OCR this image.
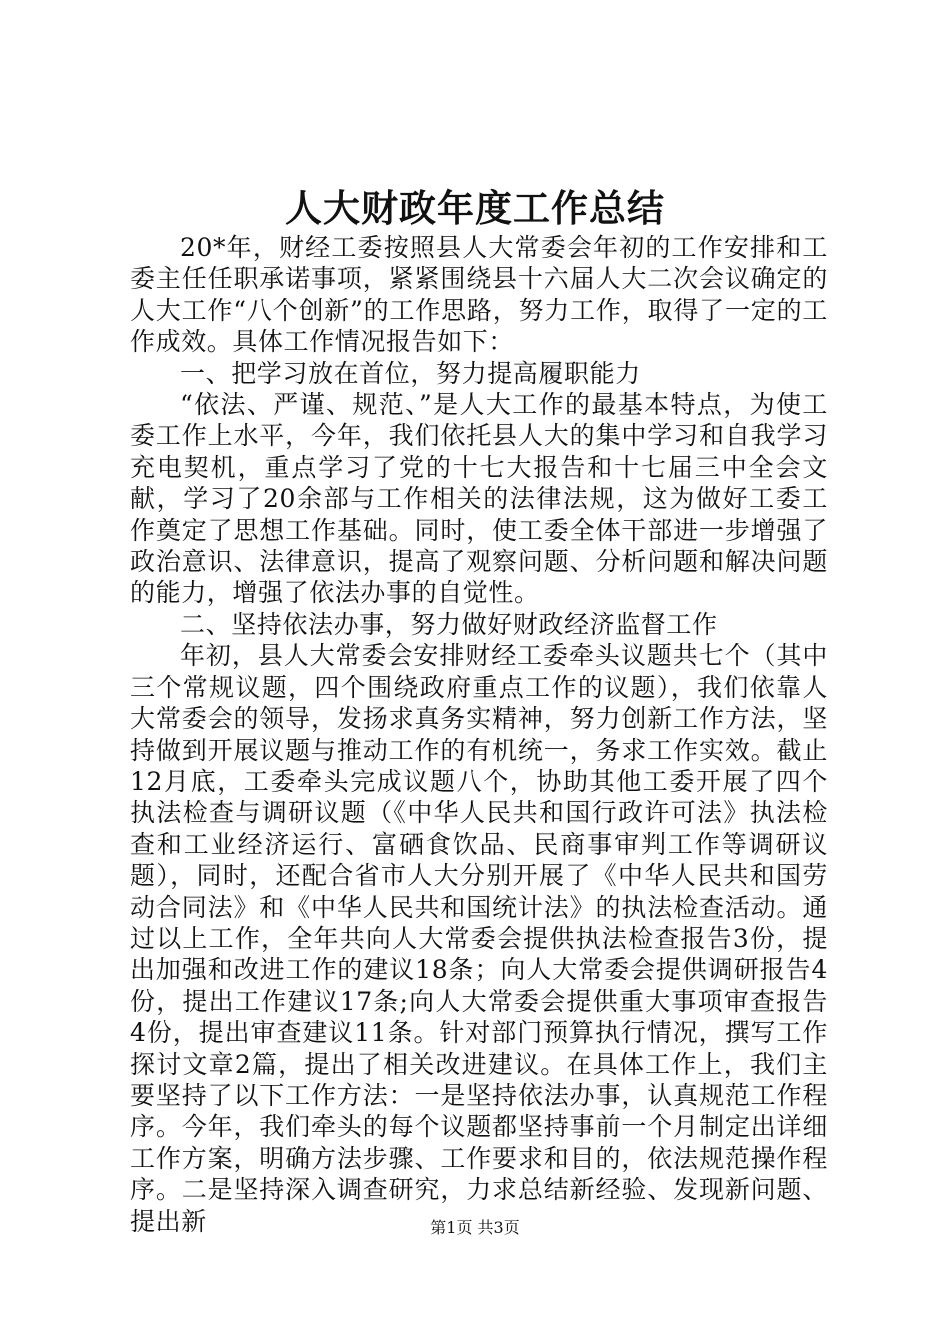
人大财政年度工作总结

20*年，财经工委按照县人大常委会年初的工作安排和工委主任任职承诺事项，紧紧围绕县十六届人大二次会议确定的人大工作“八个创新”的工作思路，努力工作，取得了一定的工作成效。具体工作情况报告如下：

一、把学习放在首位，努力提高履职能力

“依法、严谨、规范、”是人大工作的最基本特点，为使工委工作上水平，今年，我们依托县人大的集中学习和自我学习充电契机，重点学习了党的十七大报告和十七届三中全会文献，学习了20余部与工作相关的法律法规，这为做好工委工作奠定了思想工作基础。同时，使工委全体干部进一步增强了政治意识、法律意识，提高了观察问题、分析问题和解决问题的能力，增强了依法办事的自觉性。

二、坚持依法办事，努力做好财政经济监督工作

年初，县人大常委会安排财经工委牵头议题共七个（其中三个常规议题，四个围绕政府重点工作的议题），我们依靠人大常委会的领导，发扬求真务实精神，努力创新工作方法，坚持做到开展议题与推动工作的有机统一，务求工作实效。截止12月底，工委牵头完成议题八个，协助其他工委开展了四个执法检查与调研议题（《中华人民共和国行政许可法》执法检查和工业经济运行、富硒食饮品、民商事审判工作等调研议题），同时，还配合省市人大分别开展了《中华人民共和国劳动合同法》和《中华人民共和国统计法》的执法检查活动。通过以上工作，全年共向人大常委会提供执法检查报告3份，提出加强和改进工作的建议18条；向人大常委会提供调研报告4份，提出工作建议17条;向人大常委会提供重大事项审查报告4份，提出审查建议11条。针对部门预算执行情况，撰写工作探讨文章2篇，提出了相关改进建议。在具体工作上，我们主要坚持了以下工作方法：一是坚持依法办事，认真规范工作程序。今年，我们牵头的每个议题都坚持事前一个月制定出详细工作方案，明确方法步骤、工作要求和目的，依法规范操作程序。二是坚持深入调查研究，力求总结新经验、发现新问题、提出新	第1页 共3页
